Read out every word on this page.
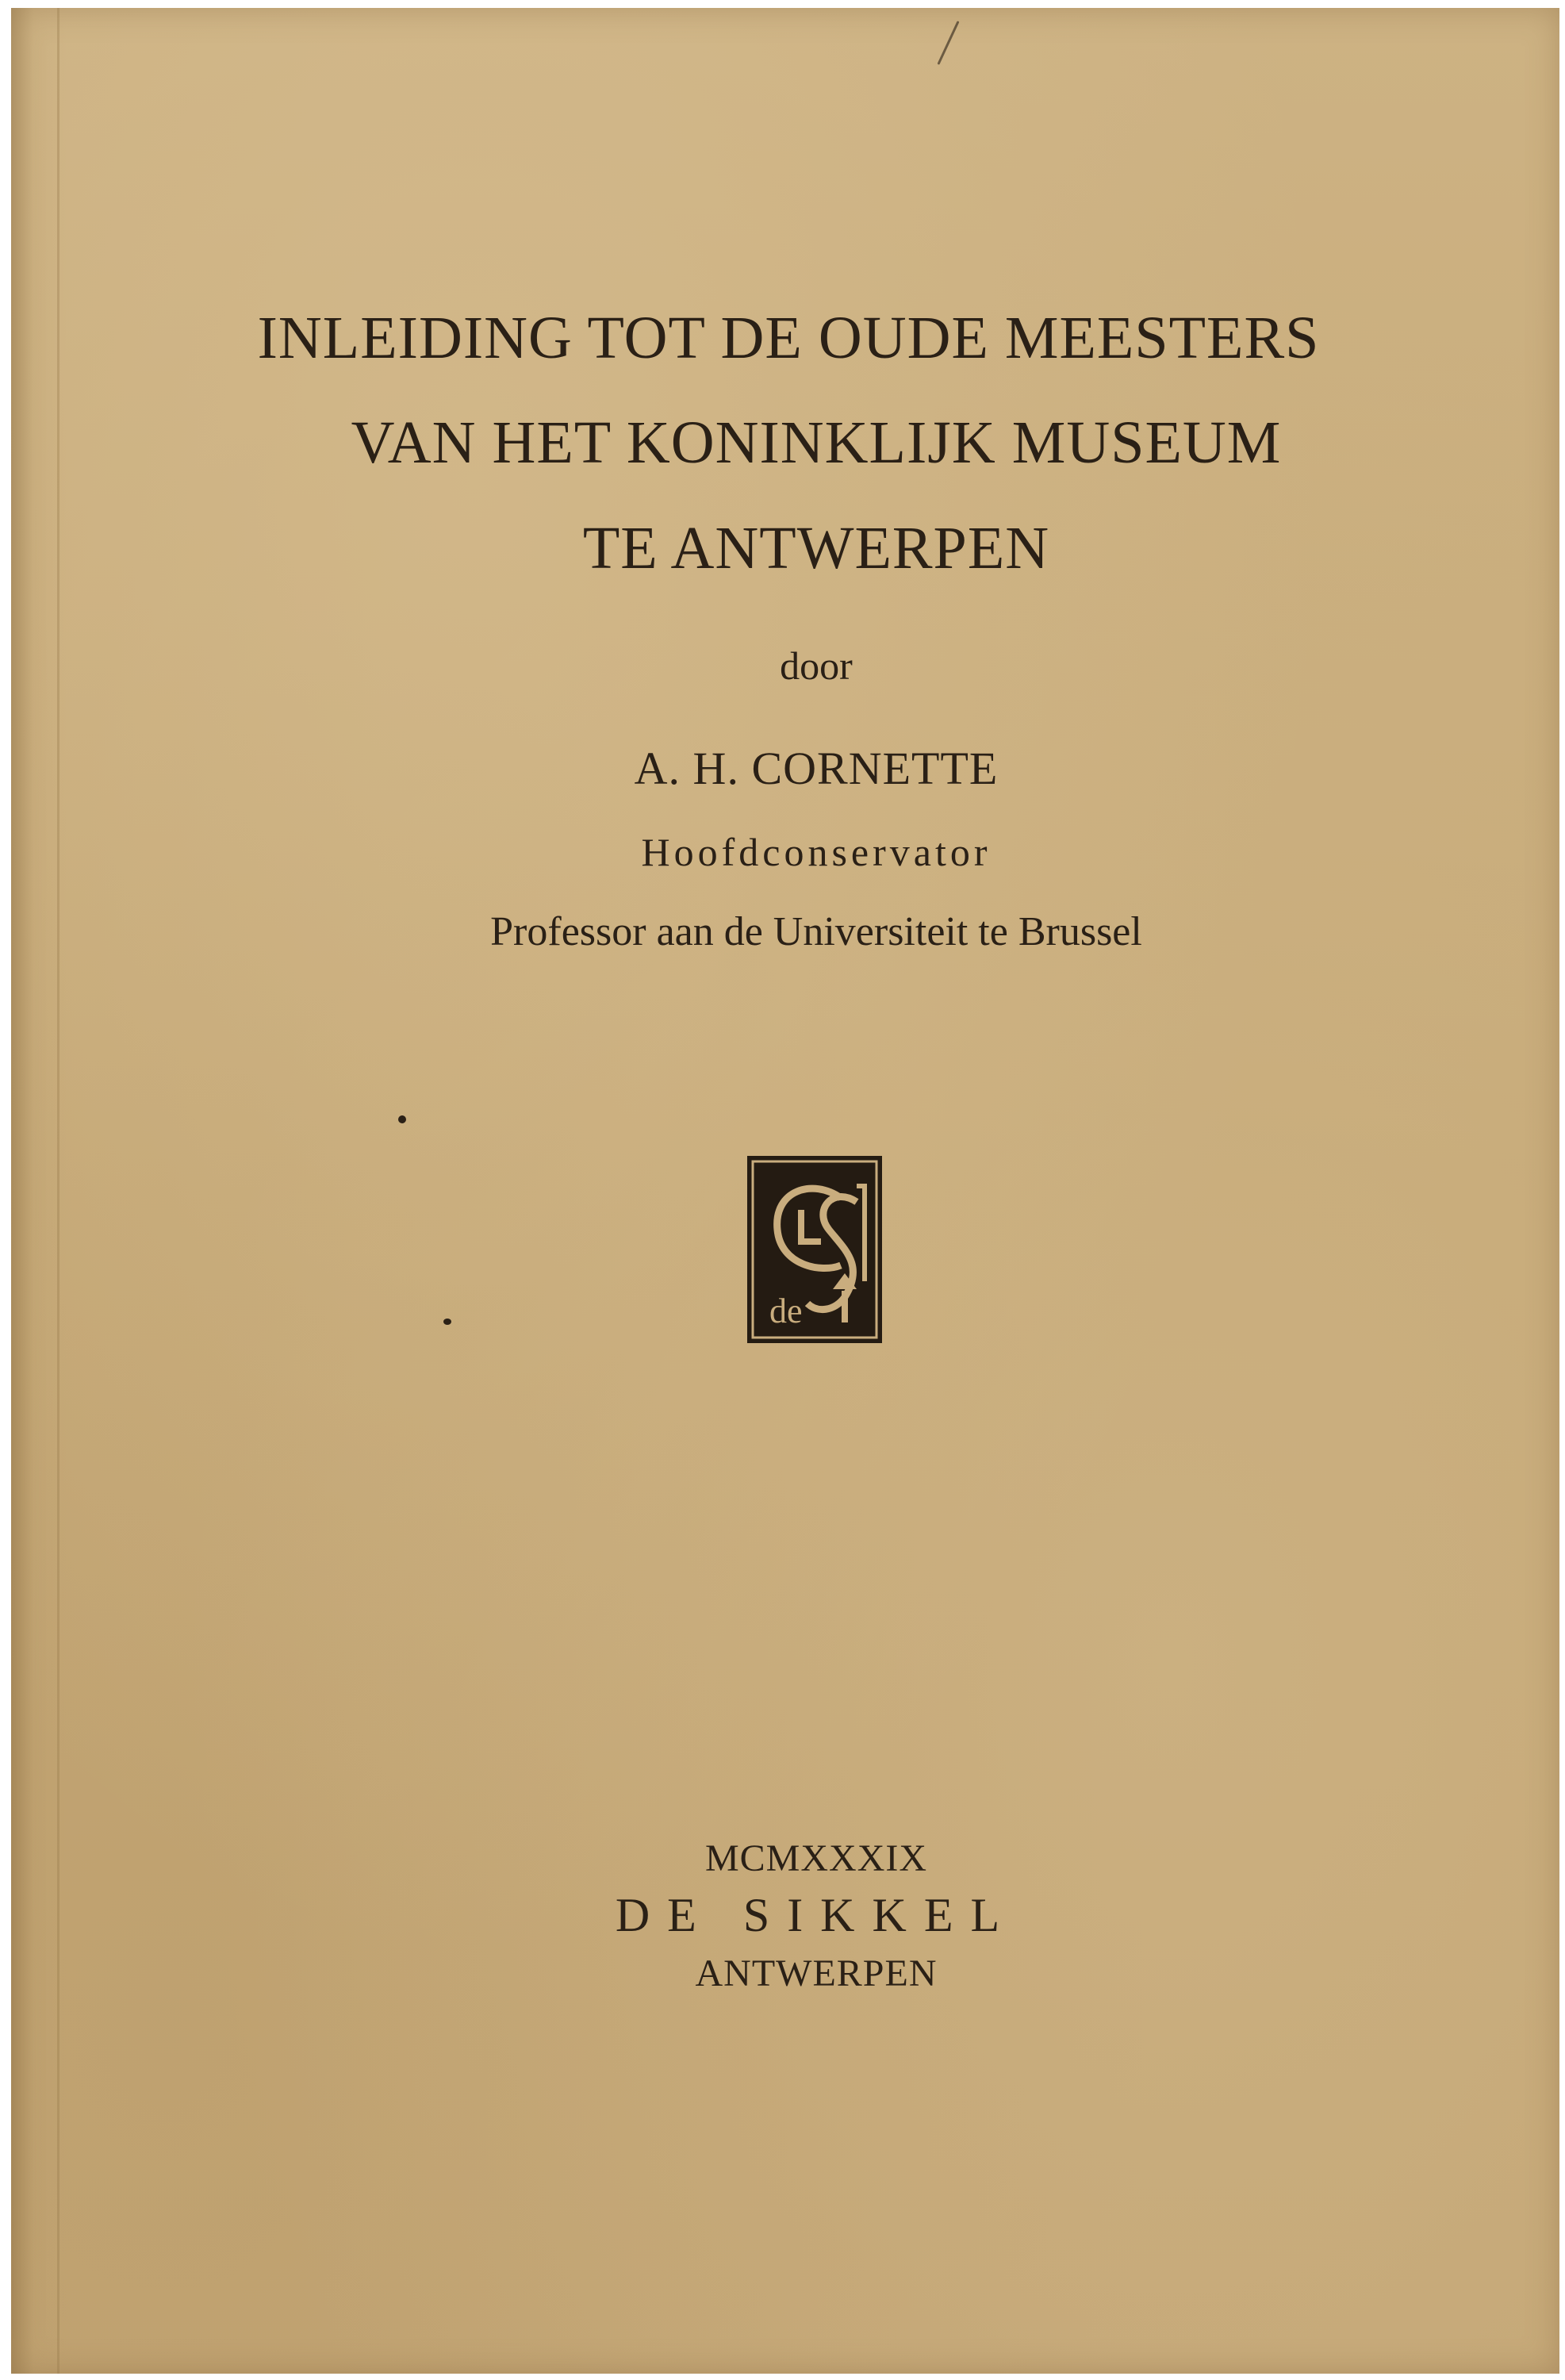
INLEIDING TOT DE OUDE MEESTERS
VAN HET KONINKLIJK MUSEUM
TE ANTWERPEN
door
A. H. CORNETTE
Hoofdconservator
Professor aan de Universiteit te Brussel
de
MCMXXXIX
DE SIKKEL
ANTWERPEN
